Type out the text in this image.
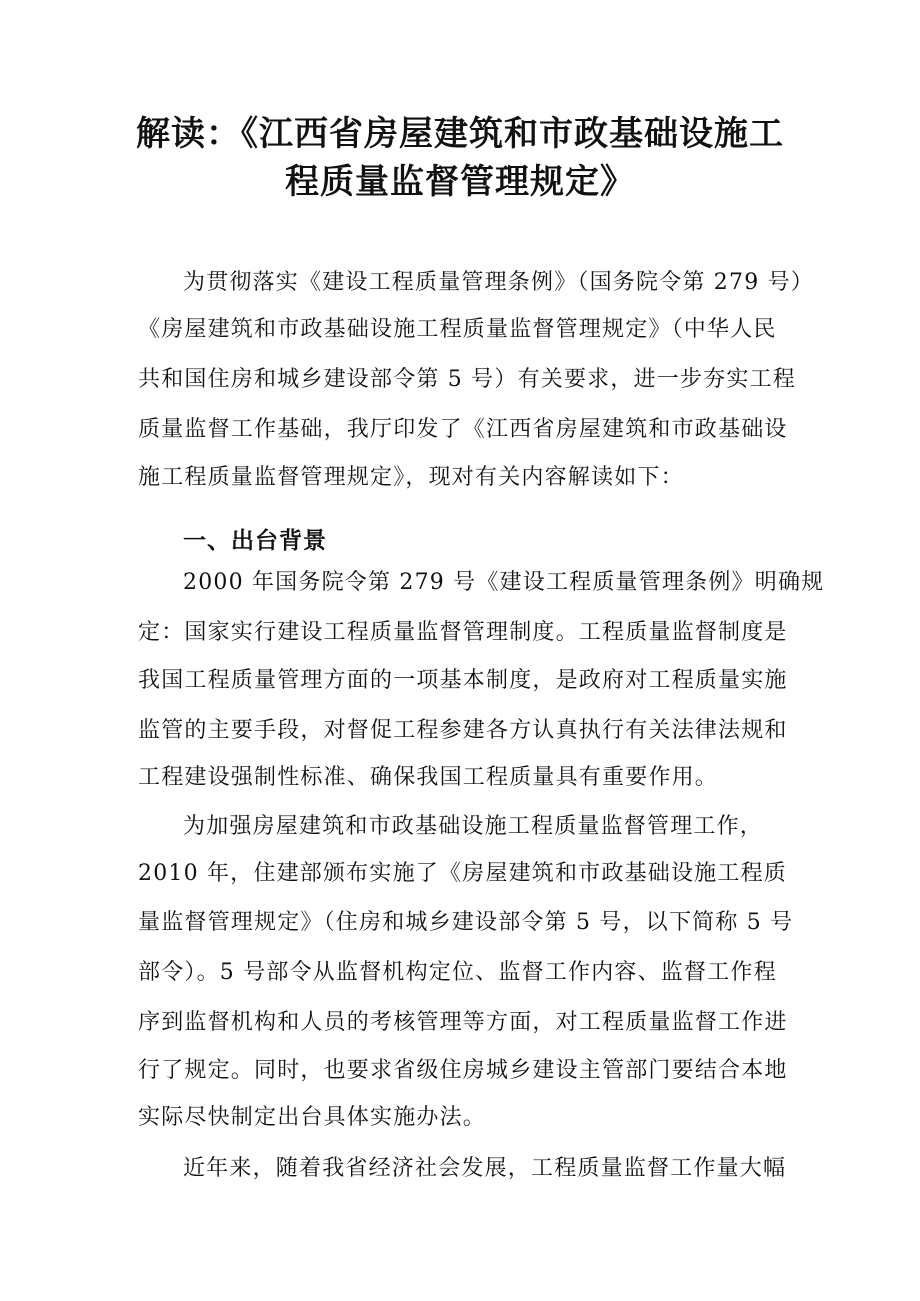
解读：《江西省房屋建筑和市政基础设施工
程质量监督管理规定》
为贯彻落实《建设工程质量管理条例》（国务院令第 279 号）
《房屋建筑和市政基础设施工程质量监督管理规定》（中华人民
共和国住房和城乡建设部令第 5 号）有关要求，进一步夯实工程
质量监督工作基础，我厅印发了《江西省房屋建筑和市政基础设
施工程质量监督管理规定》，现对有关内容解读如下：
一、出台背景
2000 年国务院令第 279 号《建设工程质量管理条例》明确规
定：国家实行建设工程质量监督管理制度。工程质量监督制度是
我国工程质量管理方面的一项基本制度，是政府对工程质量实施
监管的主要手段，对督促工程参建各方认真执行有关法律法规和
工程建设强制性标准、确保我国工程质量具有重要作用。
为加强房屋建筑和市政基础设施工程质量监督管理工作，
2010 年，住建部颁布实施了《房屋建筑和市政基础设施工程质
量监督管理规定》（住房和城乡建设部令第 5 号，以下简称 5 号
部令）。5 号部令从监督机构定位、监督工作内容、监督工作程
序到监督机构和人员的考核管理等方面，对工程质量监督工作进
行了规定。同时，也要求省级住房城乡建设主管部门要结合本地
实际尽快制定出台具体实施办法。
近年来，随着我省经济社会发展，工程质量监督工作量大幅
